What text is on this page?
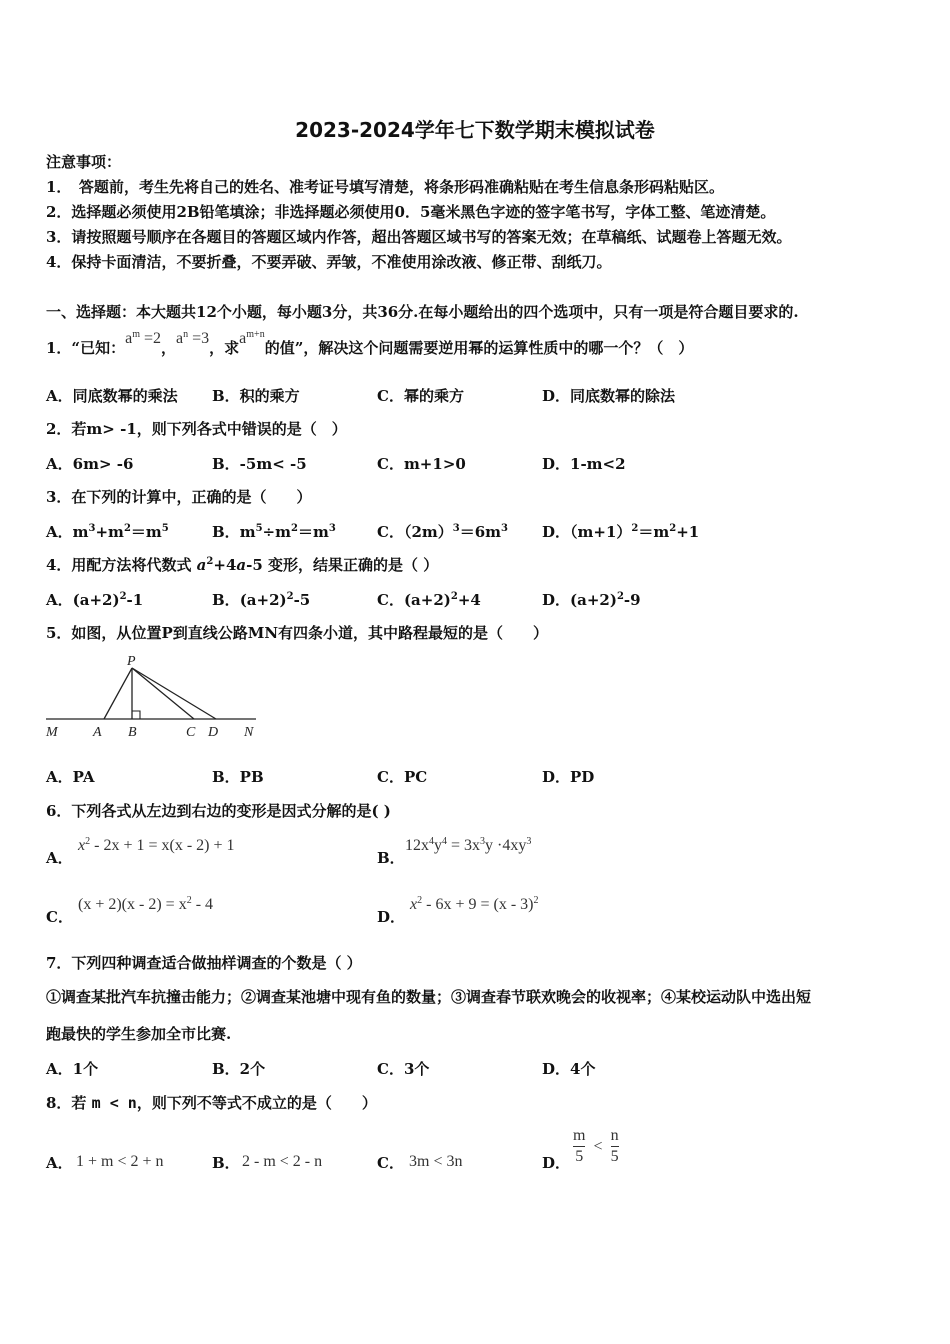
2023-2024学年七下数学期末模拟试卷
注意事项：
1．　答题前，考生先将自己的姓名、准考证号填写清楚，将条形码准确粘贴在考生信息条形码粘贴区。
2．选择题必须使用2B铅笔填涂；非选择题必须使用0．5毫米黑色字迹的签字笔书写，字体工整、笔迹清楚。
3．请按照题号顺序在各题目的答题区域内作答，超出答题区域书写的答案无效；在草稿纸、试题卷上答题无效。
4．保持卡面清洁，不要折叠，不要弄破、弄皱，不准使用涂改液、修正带、刮纸刀。
一、选择题：本大题共12个小题，每小题3分，共36分.在每小题给出的四个选项中，只有一项是符合题目要求的.
1．“已知：$a^m =2$，$a^n =3$，求$a^{m+n}$的值”，解决这个问题需要逆用幂的运算性质中的哪一个？（　）
A．同底数幂的乘法 B．积的乘方	C．幂的乘方	D．同底数幂的除法
2．若m> -1，则下列各式中错误的是（　）
A．6m> -6	B．-5m< -5	C．m+1>0	D．1-m<2
3．在下列的计算中，正确的是（　　）
A．$m^3+m^2=m^5$	B．$m^5\div m^2=m^3$	C．$(2m)^3=6m^3$ D．$(m+1)^2=m^2+1$
4．用配方法将代数式 $a^2+4a-5$ 变形，结果正确的是（ ）
A．$(a+2)^2-1$	B．$(a+2)^2-5$	C．$(a+2)^2+4$	D．$(a+2)^2-9$
5．如图，从位置P到直线公路MN有四条小道，其中路程最短的是（　　）
P
M	A B	C D N
A．PA	B．PB	C．PC	D．PD
6．下列各式从左边到右边的变形是因式分解的是( )
A．
$x^2 - 2x + 1 = x(x - 2) + 1$
B．
$12x^4y^4 = 3x^3y \cdot 4xy^3$
C．
$(x + 2)(x - 2) = x^2 - 4$
D．
$x^2 - 6x + 9 = (x - 3)^2$
7．下列四种调查适合做抽样调查的个数是（ ）
①调查某批汽车抗撞击能力；②调查某池塘中现有鱼的数量；③调查春节联欢晚会的收视率；④某校运动队中选出短
跑最快的学生参加全市比赛.
A．1个	B．2个	C．3个	D．4个
8．若 m < n，则下列不等式不成立的是（　　）
A． 1 + m < 2 + n	B． 2 - m < 2 - n	C． 3m < 3n	D． $\frac{m}{5} < \frac{n}{5}$
